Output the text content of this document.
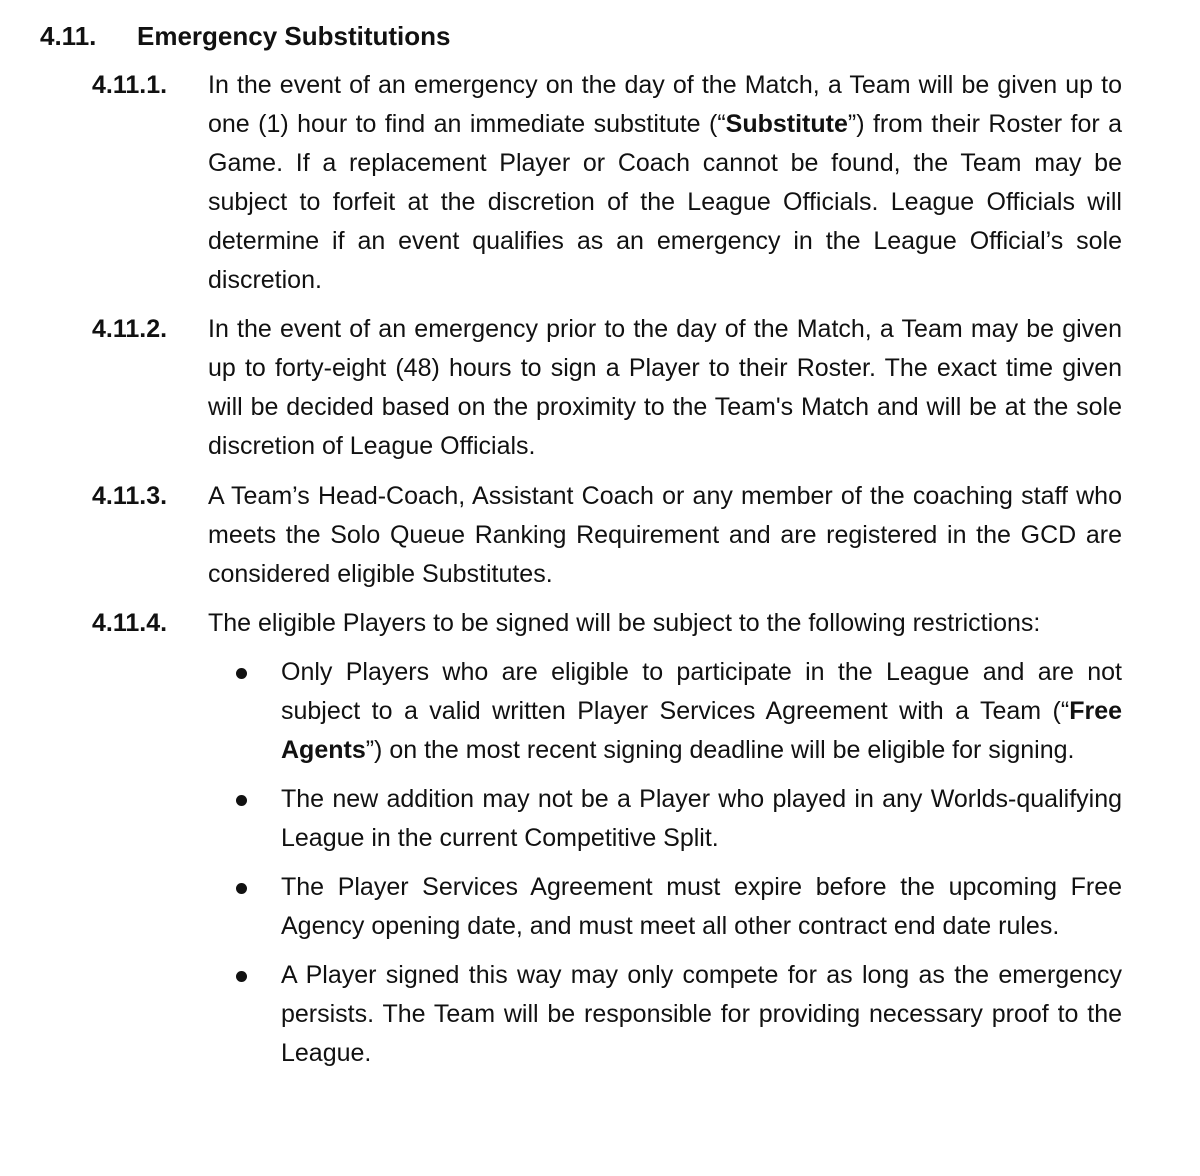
4.11. Emergency Substitutions
4.11.1. In the event of an emergency on the day of the Match, a Team will be given up to one (1) hour to find an immediate substitute (“Substitute”) from their Roster for a Game. If a replacement Player or Coach cannot be found, the Team may be subject to forfeit at the discretion of the League Officials. League Officials will determine if an event qualifies as an emergency in the League Official’s sole discretion.
4.11.2. In the event of an emergency prior to the day of the Match, a Team may be given up to forty-eight (48) hours to sign a Player to their Roster. The exact time given will be decided based on the proximity to the Team's Match and will be at the sole discretion of League Officials.
4.11.3. A Team’s Head-Coach, Assistant Coach or any member of the coaching staff who meets the Solo Queue Ranking Requirement and are registered in the GCD are considered eligible Substitutes.
4.11.4. The eligible Players to be signed will be subject to the following restrictions:
Only Players who are eligible to participate in the League and are not subject to a valid written Player Services Agreement with a Team (“Free Agents”) on the most recent signing deadline will be eligible for signing.
The new addition may not be a Player who played in any Worlds-qualifying League in the current Competitive Split.
The Player Services Agreement must expire before the upcoming Free Agency opening date, and must meet all other contract end date rules.
A Player signed this way may only compete for as long as the emergency persists. The Team will be responsible for providing necessary proof to the League.
